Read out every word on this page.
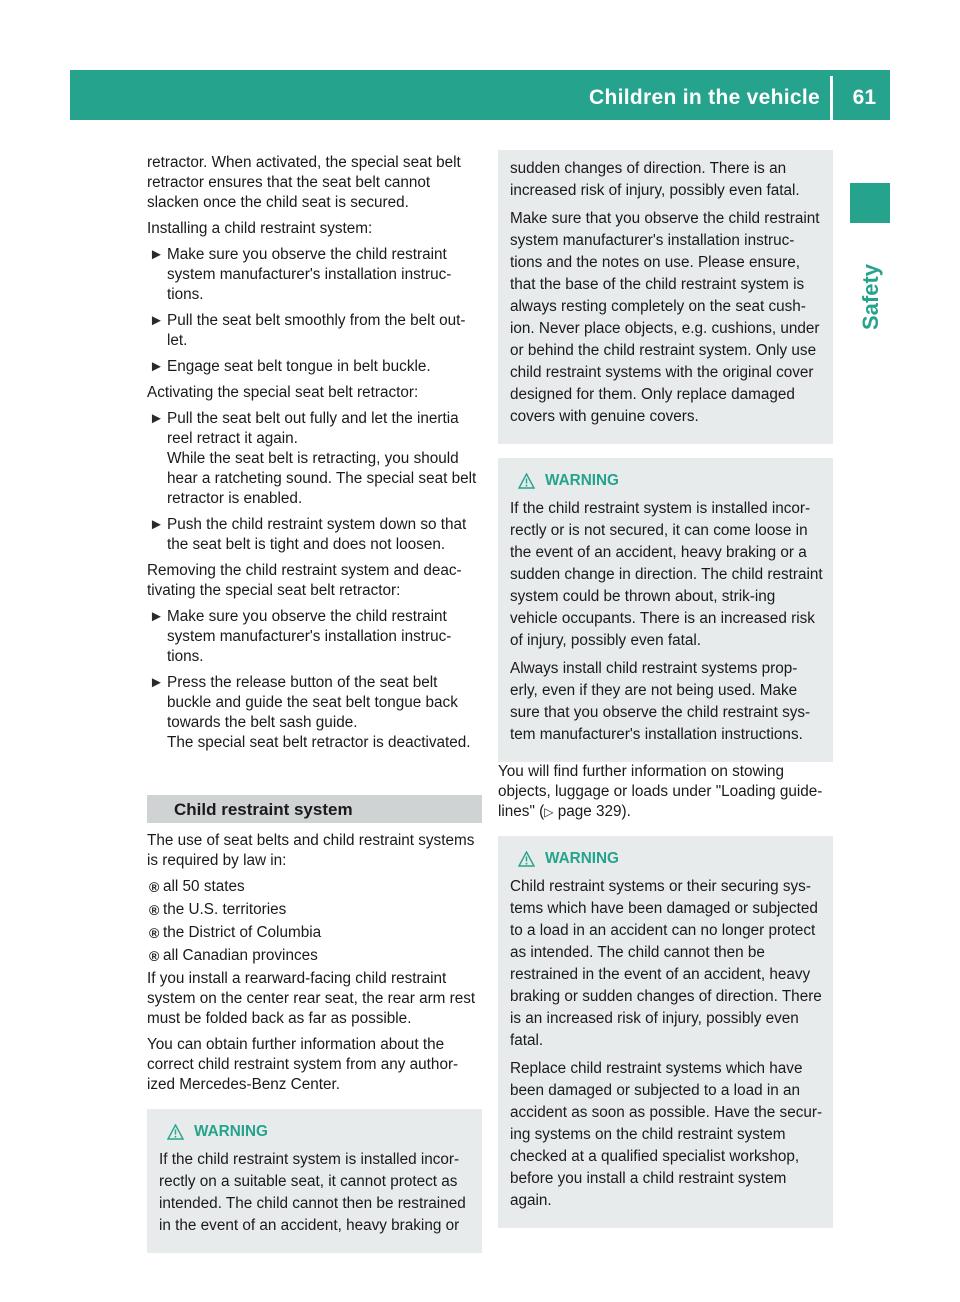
Children in the vehicle 61
Safety

retractor. When activated, the special seat belt retractor ensures that the seat belt cannot slacken once the child seat is secured.

Installing a child restraint system:

► Make sure you observe the child restraint system manufacturer's installation instruc-tions.
► Pull the seat belt smoothly from the belt out-let.
► Engage seat belt tongue in belt buckle.

Activating the special seat belt retractor:

► Pull the seat belt out fully and let the inertia reel retract it again.
While the seat belt is retracting, you should hear a ratcheting sound. The special seat belt retractor is enabled.
► Push the child restraint system down so that the seat belt is tight and does not loosen.

Removing the child restraint system and deac-tivating the special seat belt retractor:

► Make sure you observe the child restraint system manufacturer's installation instruc-tions.
► Press the release button of the seat belt buckle and guide the seat belt tongue back towards the belt sash guide.
The special seat belt retractor is deactivated.
Child restraint system

The use of seat belts and child restraint systems is required by law in:

® all 50 states
® the U.S. territories
® the District of Columbia
® all Canadian provinces

If you install a rearward-facing child restraint system on the center rear seat, the rear arm rest must be folded back as far as possible.

You can obtain further information about the correct child restraint system from any author-ized Mercedes-Benz Center.

WARNING

If the child restraint system is installed incor-rectly on a suitable seat, it cannot protect as intended. The child cannot then be restrained in the event of an accident, heavy braking or

sudden changes of direction. There is an increased risk of injury, possibly even fatal.

Make sure that you observe the child restraint system manufacturer's installation instruc-tions and the notes on use. Please ensure, that the base of the child restraint system is always resting completely on the seat cush-ion. Never place objects, e.g. cushions, under or behind the child restraint system. Only use child restraint systems with the original cover designed for them. Only replace damaged covers with genuine covers.

WARNING

If the child restraint system is installed incor-rectly or is not secured, it can come loose in the event of an accident, heavy braking or a sudden change in direction. The child restraint system could be thrown about, strik-ing vehicle occupants. There is an increased risk of injury, possibly even fatal.

Always install child restraint systems prop-erly, even if they are not being used. Make sure that you observe the child restraint sys-tem manufacturer's installation instructions.

You will find further information on stowing objects, luggage or loads under "Loading guide-lines" (▷ page 329).

WARNING

Child restraint systems or their securing sys-tems which have been damaged or subjected to a load in an accident can no longer protect as intended. The child cannot then be restrained in the event of an accident, heavy braking or sudden changes of direction. There is an increased risk of injury, possibly even fatal.

Replace child restraint systems which have been damaged or subjected to a load in an accident as soon as possible. Have the secur-ing systems on the child restraint system checked at a qualified specialist workshop, before you install a child restraint system again.
